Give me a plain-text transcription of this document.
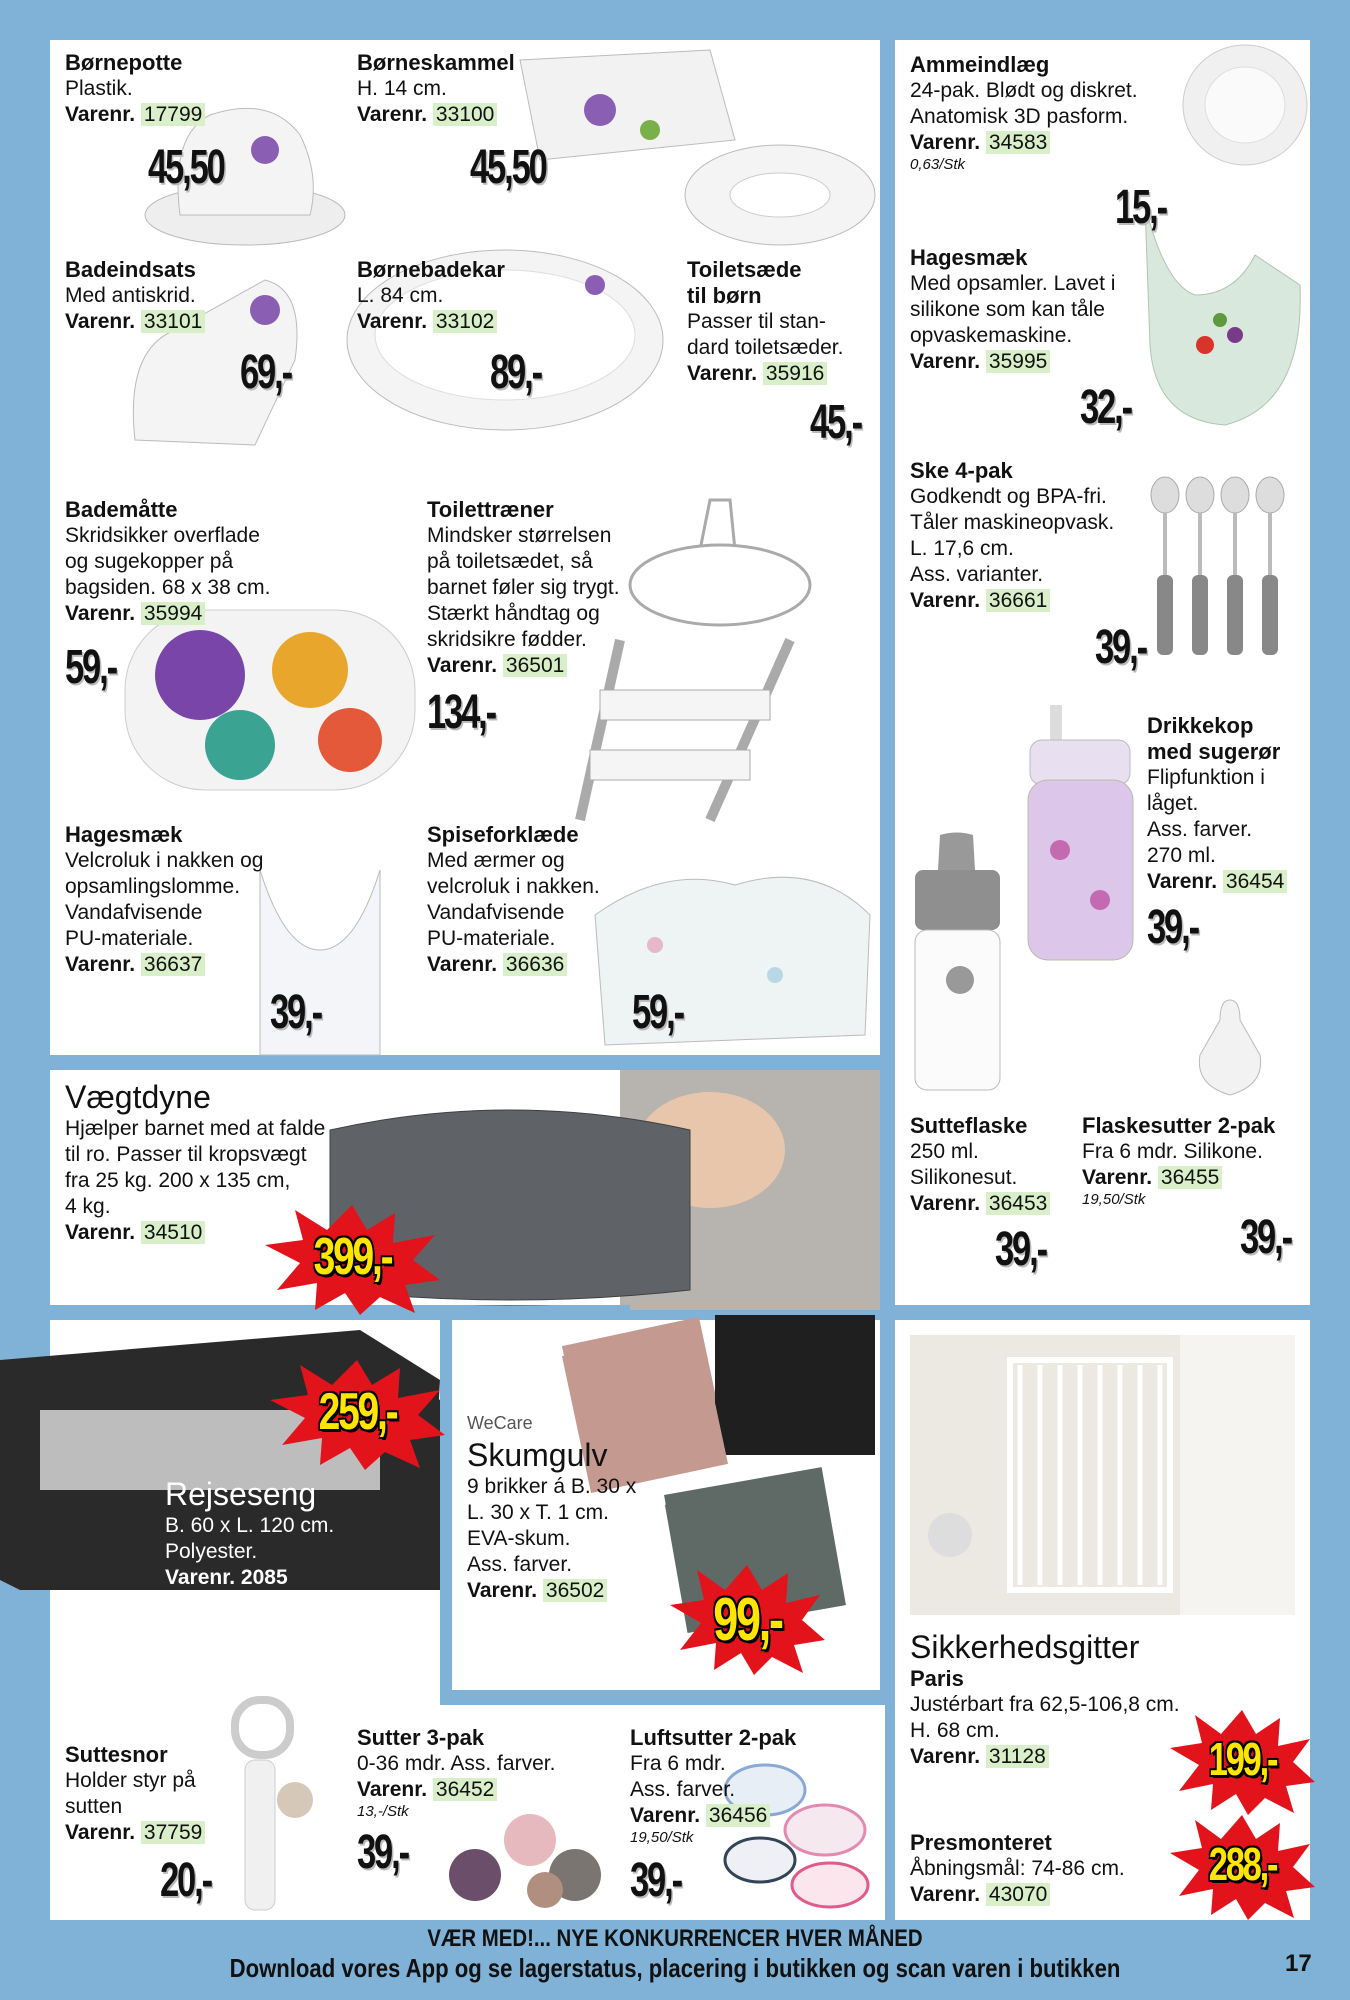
Børnepotte
Plastik.
Varenr. 17799
45,50
Børneskammel
H. 14 cm.
Varenr. 33100
45,50
Ammeindlæg
24-pak. Blødt og diskret.
Anatomisk 3D pasform.
Varenr. 34583
0,63/Stk
15,-
Badeindsats
Med antiskrid.
Varenr. 33101
69,-
Børnebadekar
L. 84 cm.
Varenr. 33102
89,-
Toiletsæde
til børn
Passer til stan-
dard toiletsæder.
Varenr. 35916
45,-
Hagesmæk
Med opsamler. Lavet i
silikone som kan tåle
opvaskemaskine.
Varenr. 35995
32,-
Bademåtte
Skridsikker overflade
og sugekopper på
bagsiden. 68 x 38 cm.
Varenr. 35994
59,-
Toilettræner
Mindsker størrelsen
på toiletsædet, så
barnet føler sig trygt.
Stærkt håndtag og
skridsikre fødder.
Varenr. 36501
134,-
Ske 4-pak
Godkendt og BPA-fri.
Tåler maskineopvask.
L. 17,6 cm.
Ass. varianter.
Varenr. 36661
39,-
Drikkekop
med sugerør
Flipfunktion i
låget.
Ass. farver.
270 ml.
Varenr. 36454
39,-
Hagesmæk
Velcroluk i nakken og
opsamlingslomme.
Vandafvisende
PU-materiale.
Varenr. 36637
39,-
Spiseforklæde
Med ærmer og
velcroluk i nakken.
Vandafvisende
PU-materiale.
Varenr. 36636
59,-
Vægtdyne
Hjælper barnet med at falde
til ro. Passer til kropsvægt
fra 25 kg. 200 x 135 cm,
4 kg.
Varenr. 34510	399,-
Sutteflaske
250 ml.
Silikonesut.
Varenr. 36453
39,-
Flaskesutter 2-pak
Fra 6 mdr. Silikone.
Varenr. 36455
19,50/Stk
39,-
Rejseseng
B. 60 x L. 120 cm.
Polyester.
Varenr. 2085
259,-	WeCare
Skumgulv
9 brikker á B. 30 x
L. 30 x T. 1 cm.
EVA-skum.
Ass. farver.
Varenr. 36502	99,-	Sikkerhedsgitter
Paris
Justérbart fra 62,5-106,8 cm.
H. 68 cm.
Varenr. 31128	199,-
Presmonteret
Åbningsmål: 74-86 cm.
Varenr. 43070
288,-
Suttesnor
Holder styr på
sutten
Varenr. 37759
20,-
Sutter 3-pak
0-36 mdr. Ass. farver.
Varenr. 36452
13,-/Stk
39,-
Luftsutter 2-pak
Fra 6 mdr.
Ass. farver.
Varenr. 36456
19,50/Stk
39,-
VÆR MED!... NYE KONKURRENCER HVER MÅNED
Download vores App og se lagerstatus, placering i butikken og scan varen i butikken	17
